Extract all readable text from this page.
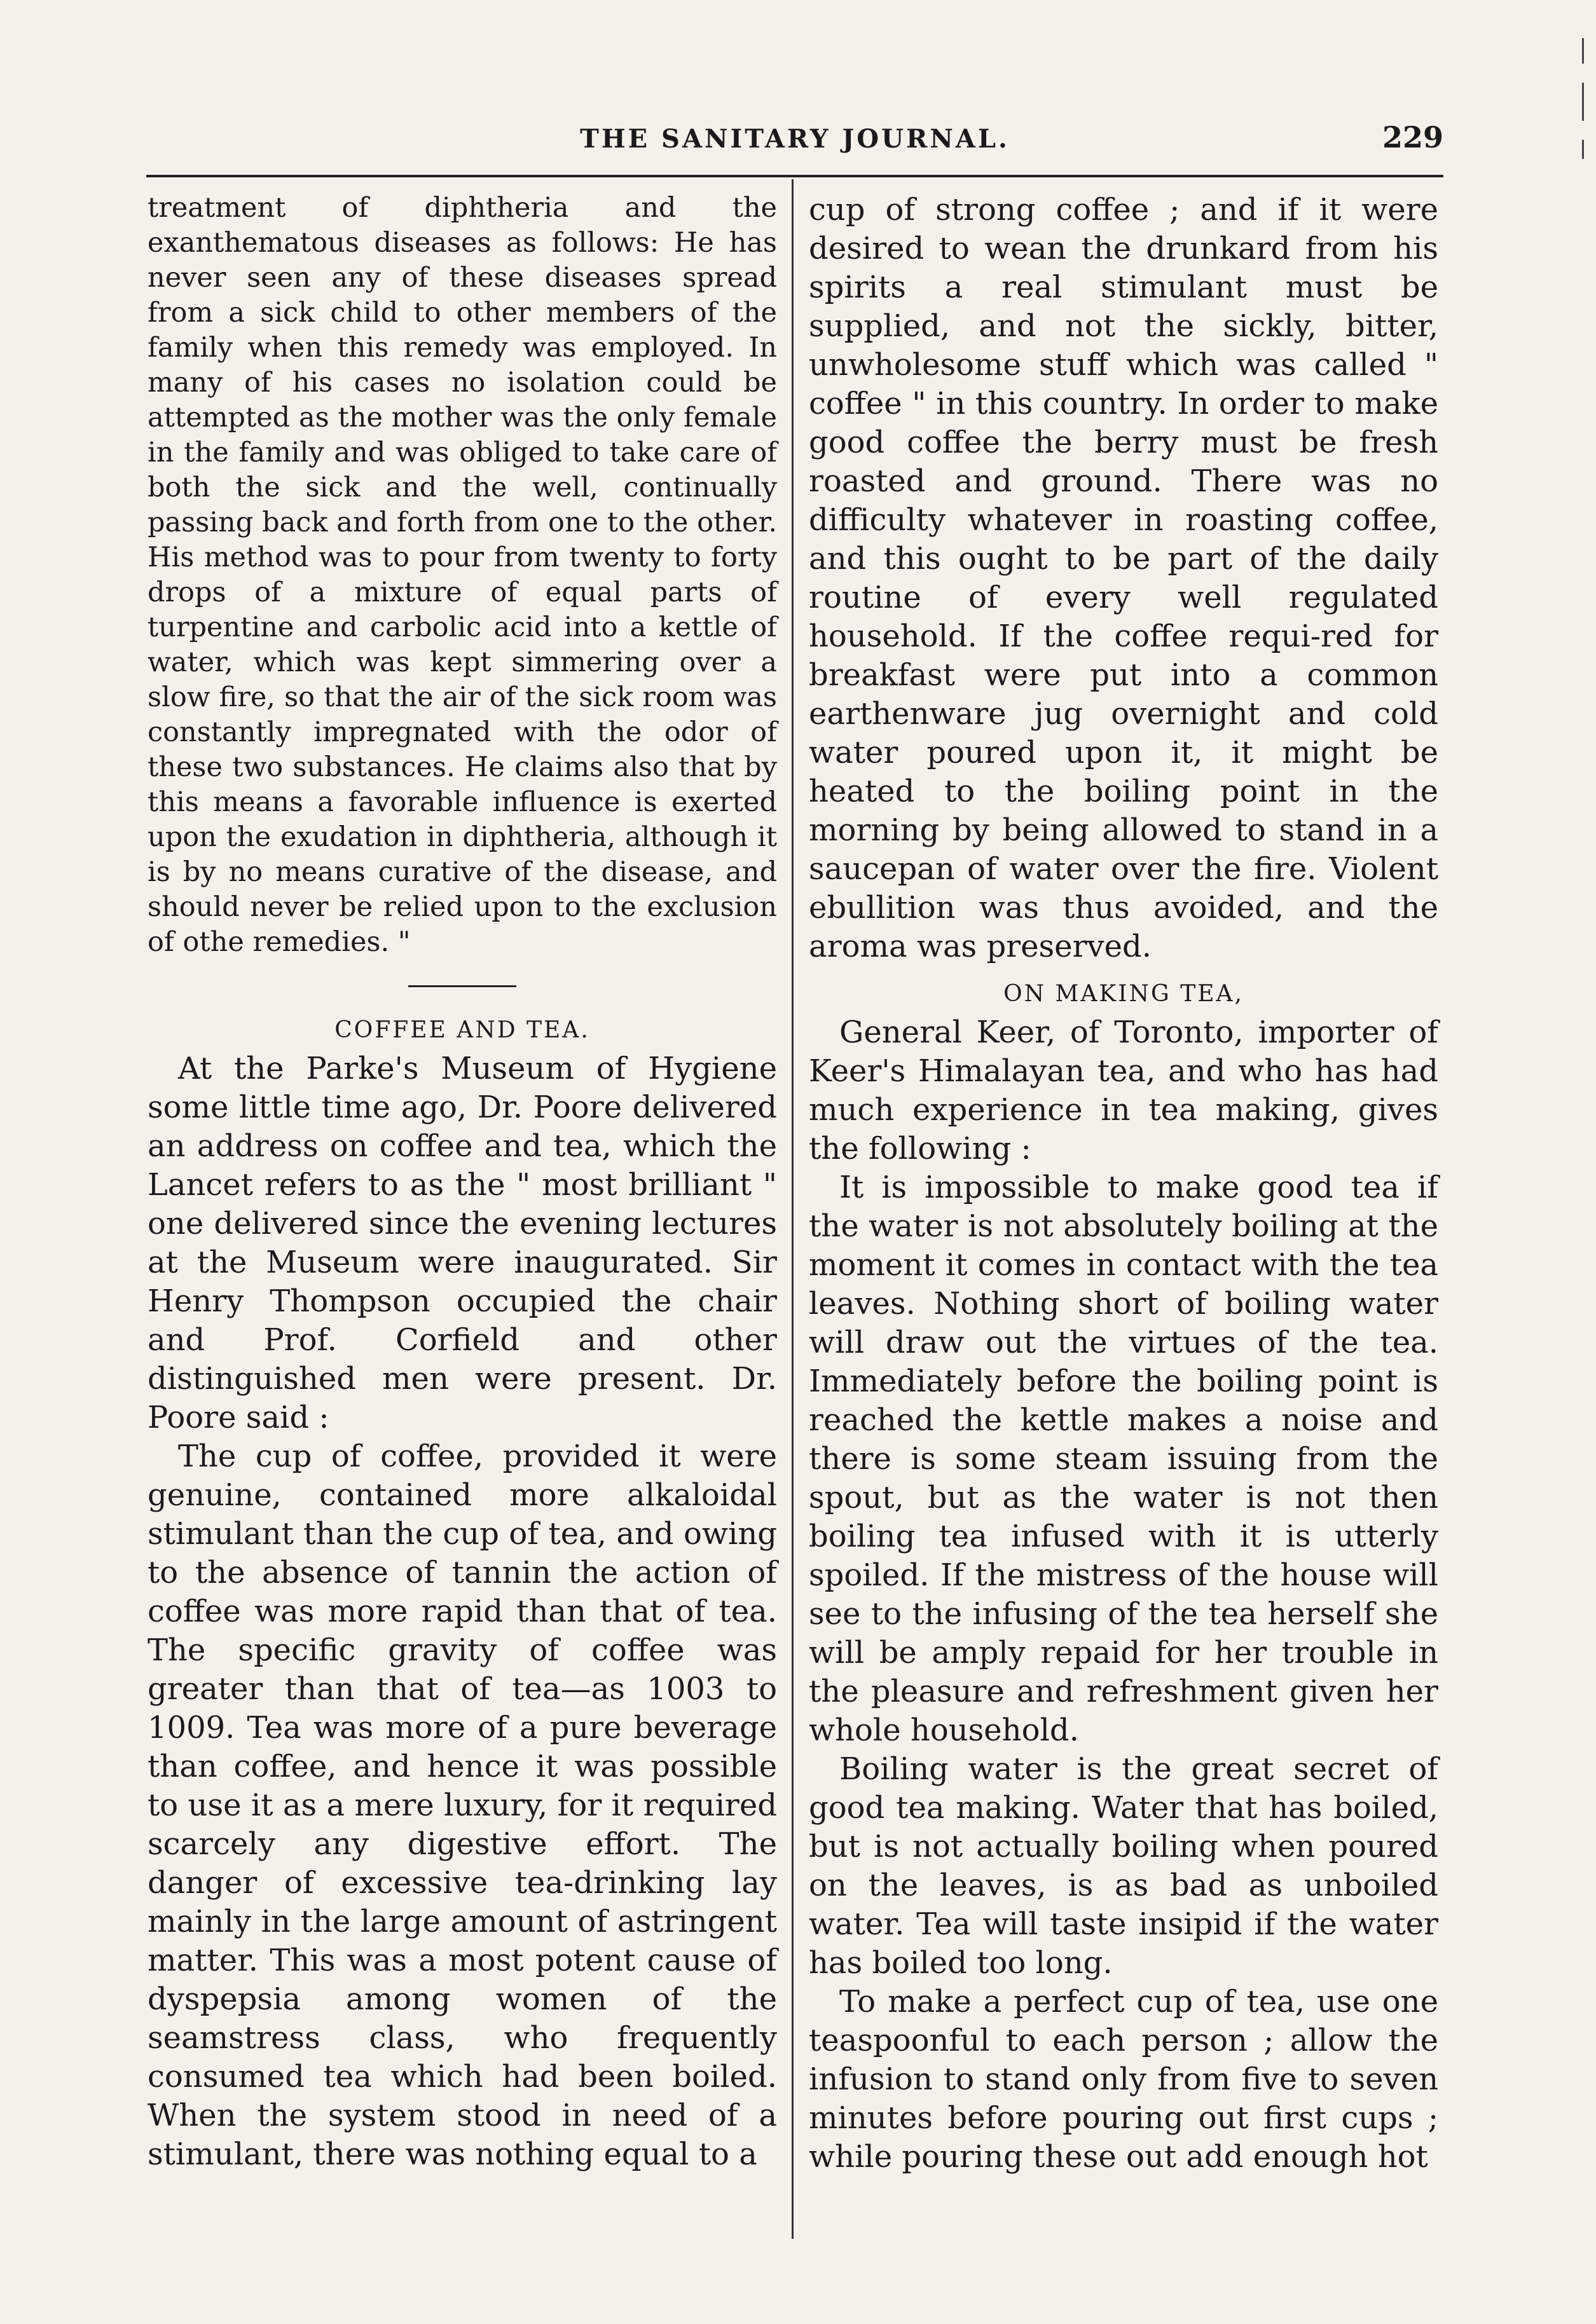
THE SANITARY JOURNAL.	229

treatment of diphtheria and the exanthematous diseases as follows: He has never seen any of these diseases spread from a sick child to other members of the family when this remedy was employed. In many of his cases no isolation could be attempted as the mother was the only female in the family and was obliged to take care of both the sick and the well, continually passing back and forth from one to the other. His method was to pour from twenty to forty drops of a mixture of equal parts of turpentine and carbolic acid into a kettle of water, which was kept simmering over a slow fire, so that the air of the sick room was constantly impregnated with the odor of these two substances. He claims also that by this means a favorable influence is exerted upon the exudation in diphtheria, although it is by no means curative of the disease, and should never be relied upon to the exclusion of othe remedies. "

COFFEE AND TEA.

At the Parke's Museum of Hygiene some little time ago, Dr. Poore delivered an address on coffee and tea, which the Lancet refers to as the " most brilliant " one delivered since the evening lectures at the Museum were inaugurated. Sir Henry Thompson occupied the chair and Prof. Corfield and other distinguished men were present. Dr. Poore said :

The cup of coffee, provided it were genuine, contained more alkaloidal stimulant than the cup of tea, and owing to the absence of tannin the action of coffee was more rapid than that of tea. The specific gravity of coffee was greater than that of tea—as 1003 to 1009. Tea was more of a pure beverage than coffee, and hence it was possible to use it as a mere luxury, for it required scarcely any digestive effort. The danger of excessive tea-drinking lay mainly in the large amount of astringent matter. This was a most potent cause of dyspepsia among women of the seamstress class, who frequently consumed tea which had been boiled. When the system stood in need of a stimulant, there was nothing equal to a

cup of strong coffee ; and if it were desired to wean the drunkard from his spirits a real stimulant must be supplied, and not the sickly, bitter, unwholesome stuff which was called " coffee " in this country. In order to make good coffee the berry must be fresh roasted and ground. There was no difficulty whatever in roasting coffee, and this ought to be part of the daily routine of every well regulated household. If the coffee requi-red for breakfast were put into a common earthenware jug overnight and cold water poured upon it, it might be heated to the boiling point in the morning by being allowed to stand in a saucepan of water over the fire. Violent ebullition was thus avoided, and the aroma was preserved.

ON MAKING TEA,

General Keer, of Toronto, importer of Keer's Himalayan tea, and who has had much experience in tea making, gives the following :

It is impossible to make good tea if the water is not absolutely boiling at the moment it comes in contact with the tea leaves. Nothing short of boiling water will draw out the virtues of the tea. Immediately before the boiling point is reached the kettle makes a noise and there is some steam issuing from the spout, but as the water is not then boiling tea infused with it is utterly spoiled. If the mistress of the house will see to the infusing of the tea herself she will be amply repaid for her trouble in the pleasure and refreshment given her whole household.

Boiling water is the great secret of good tea making. Water that has boiled, but is not actually boiling when poured on the leaves, is as bad as unboiled water. Tea will taste insipid if the water has boiled too long.

To make a perfect cup of tea, use one teaspoonful to each person ; allow the infusion to stand only from five to seven minutes before pouring out first cups ; while pouring these out add enough hot
